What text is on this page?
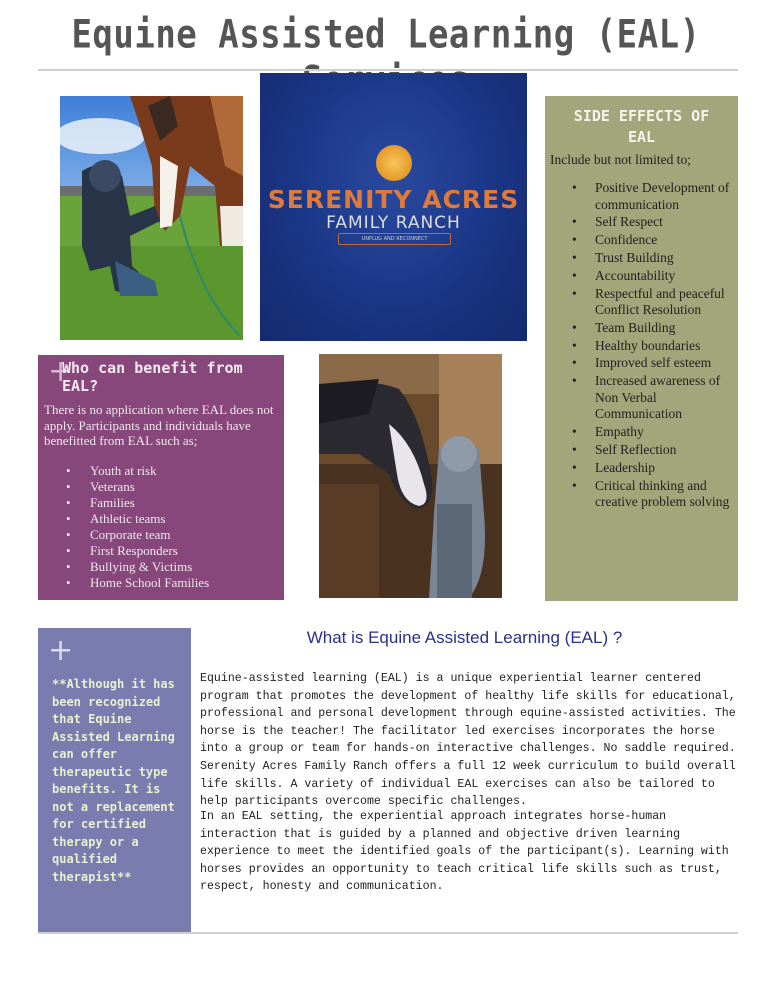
Equine Assisted Learning (EAL)
SERENITY ACRES
FAMILY RANCH
UNPLUG AND RECONNECT
SIDE EFFECTS OF
EAL
Include but not limited to;
• Positive Development of communication
• Self Respect
• Confidence
• Trust Building
• Accountability
• Respectful and peaceful Conflict Resolution
• Team Building
• Healthy boundaries
• Improved self esteem
• Increased awareness of Non Verbal Communication
• Empathy
• Self Reflection
• Leadership
• Critical thinking and creative problem solving
+
Who can benefit from EAL?
There is no application where EAL does not apply. Participants and individuals have benefitted from EAL such as;
• Youth at risk
• Veterans
• Families
• Athletic teams
• Corporate team
• First Responders
• Bullying & Victims
• Home School Families
+
**Although it has been recognized that Equine Assisted Learning can offer therapeutic type benefits. It is not a replacement for certified therapy or a qualified therapist**
What is Equine Assisted Learning (EAL) ?
Equine-assisted learning (EAL) is a unique experiential learner centered program that promotes the development of healthy life skills for educational, professional and personal development through equine-assisted activities. The horse is the teacher! The facilitator led exercises incorporates the horse into a group or team for hands-on interactive challenges. No saddle required.
Serenity Acres Family Ranch offers a full 12 week curriculum to build overall life skills. A variety of individual EAL exercises can also be tailored to help participants overcome specific challenges.
In an EAL setting, the experiential approach integrates horse-human interaction that is guided by a planned and objective driven learning experience to meet the identified goals of the participant(s). Learning with horses provides an opportunity to teach critical life skills such as trust, respect, honesty and communication.
